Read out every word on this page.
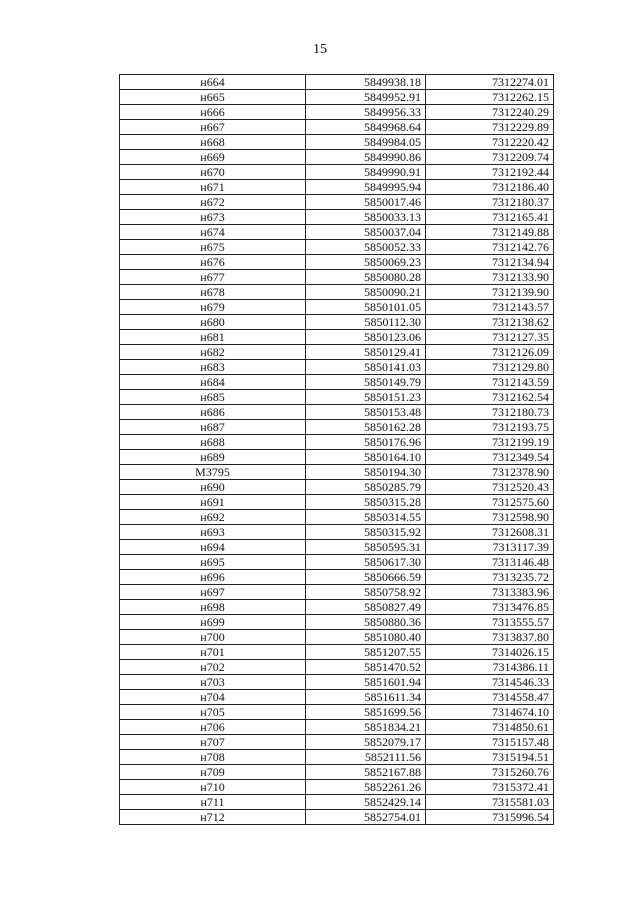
15
н664	5849938.18	7312274.01
н665	5849952.91	7312262.15
н666	5849956.33	7312240.29
н667	5849968.64	7312229.89
н668	5849984.05	7312220.42
н669	5849990.86	7312209.74
н670	5849990.91	7312192.44
н671	5849995.94	7312186.40
н672	5850017.46	7312180.37
н673	5850033.13	7312165.41
н674	5850037.04	7312149.88
н675	5850052.33	7312142.76
н676	5850069.23	7312134.94
н677	5850080.28	7312133.90
н678	5850090.21	7312139.90
н679	5850101.05	7312143.57
н680	5850112.30	7312138.62
н681	5850123.06	7312127.35
н682	5850129.41	7312126.09
н683	5850141.03	7312129.80
н684	5850149.79	7312143.59
н685	5850151.23	7312162.54
н686	5850153.48	7312180.73
н687	5850162.28	7312193.75
н688	5850176.96	7312199.19
н689	5850164.10	7312349.54
М3795	5850194.30	7312378.90
н690	5850285.79	7312520.43
н691	5850315.28	7312575.60
н692	5850314.55	7312598.90
н693	5850315.92	7312608.31
н694	5850595.31	7313117.39
н695	5850617.30	7313146.48
н696	5850666.59	7313235.72
н697	5850758.92	7313383.96
н698	5850827.49	7313476.85
н699	5850880.36	7313555.57
н700	5851080.40	7313837.80
н701	5851207.55	7314026.15
н702	5851470.52	7314386.11
н703	5851601.94	7314546.33
н704	5851611.34	7314558.47
н705	5851699.56	7314674.10
н706	5851834.21	7314850.61
н707	5852079.17	7315157.48
н708	5852111.56	7315194.51
н709	5852167.88	7315260.76
н710	5852261.26	7315372.41
н711	5852429.14	7315581.03
н712	5852754.01	7315996.54
